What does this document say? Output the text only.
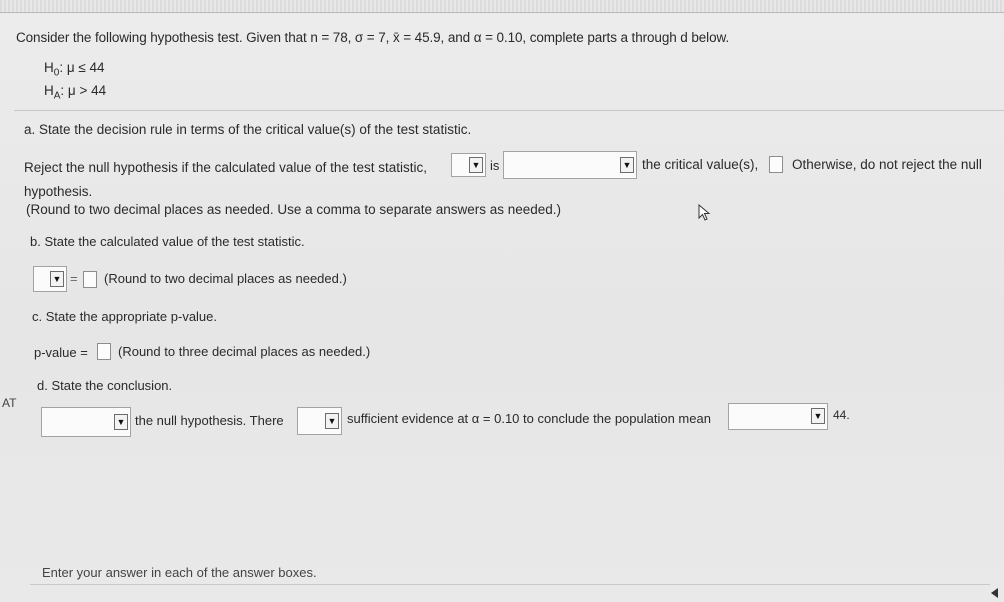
Consider the following hypothesis test. Given that n = 78, σ = 7, x̄ = 45.9, and α = 0.10, complete parts a through d below.
$H_0$: μ ≤ 44
$H_A$: μ > 44
a. State the decision rule in terms of the critical value(s) of the test statistic.
Reject the null hypothesis if the calculated value of the test statistic,	▼ is	▼ the critical value(s), Otherwise, do not reject the null
hypothesis.
(Round to two decimal places as needed. Use a comma to separate answers as needed.)
b. State the calculated value of the test statistic.
▼ = (Round to two decimal places as needed.)
c. State the appropriate p-value.
p-value = (Round to three decimal places as needed.)
d. State the conclusion.
AT
▼ the null hypothesis. There	▼ sufficient evidence at α = 0.10 to conclude the population mean	▼ 44.
Enter your answer in each of the answer boxes.
